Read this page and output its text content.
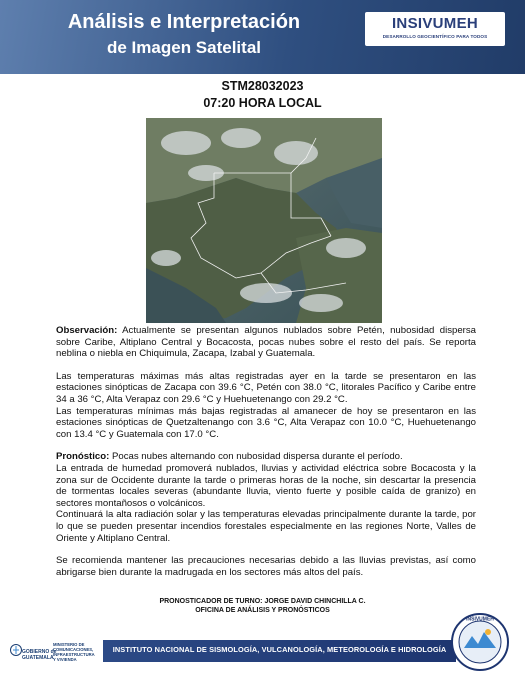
Análisis e Interpretación
de Imagen Satelital
INSIVUMEH
DESARROLLO GEOCIENTÍFICO PARA TODOS
STM28032023
07:20 HORA LOCAL

Observación: Actualmente se presentan algunos nublados sobre Petén, nubosidad dispersa sobre Caribe, Altiplano Central y Bocacosta, pocas nubes sobre el resto del país. Se reporta neblina o niebla en Chiquimula, Zacapa, Izabal y Guatemala.

Las temperaturas máximas más altas registradas ayer en la tarde se presentaron en las estaciones sinópticas de Zacapa con 39.6 °C, Petén con 38.0 °C, litorales Pacífico y Caribe entre 34 a 36 °C, Alta Verapaz con 29.6 °C y Huehuetenango con 29.2 °C.

Las temperaturas mínimas más bajas registradas al amanecer de hoy se presentaron en las estaciones sinópticas de Quetzaltenango con 3.6 °C, Alta Verapaz con 10.0 °C, Huehuetenango con 13.4 °C y Guatemala con 17.0 °C.

Pronóstico: Pocas nubes alternando con nubosidad dispersa durante el período.

La entrada de humedad promoverá nublados, lluvias y actividad eléctrica sobre Bocacosta y la zona sur de Occidente durante la tarde o primeras horas de la noche, sin descartar la presencia de tormentas locales severas (abundante lluvia, viento fuerte y posible caída de granizo) en sectores montañosos o volcánicos.

Continuará la alta radiación solar y las temperaturas elevadas principalmente durante la tarde, por lo que se pueden presentar incendios forestales especialmente en las regiones Norte, Valles de Oriente y Altiplano Central.

Se recomienda mantener las precauciones necesarias debido a las lluvias previstas, así como abrigarse bien durante la madrugada en los sectores más altos del país.

PRONOSTICADOR DE TURNO: JORGE DAVID CHINCHILLA C.
OFICINA DE ANÁLISIS Y PRONÓSTICOS
GOBIERNO de
GUATEMALA
MINISTERIO DE
COMUNICACIONES,
INFRAESTRUCTURA
Y VIVIENDA
INSTITUTO NACIONAL DE SISMOLOGÍA, VULCANOLOGÍA, METEOROLOGÍA E HIDROLOGÍA
INSIVUMEH
